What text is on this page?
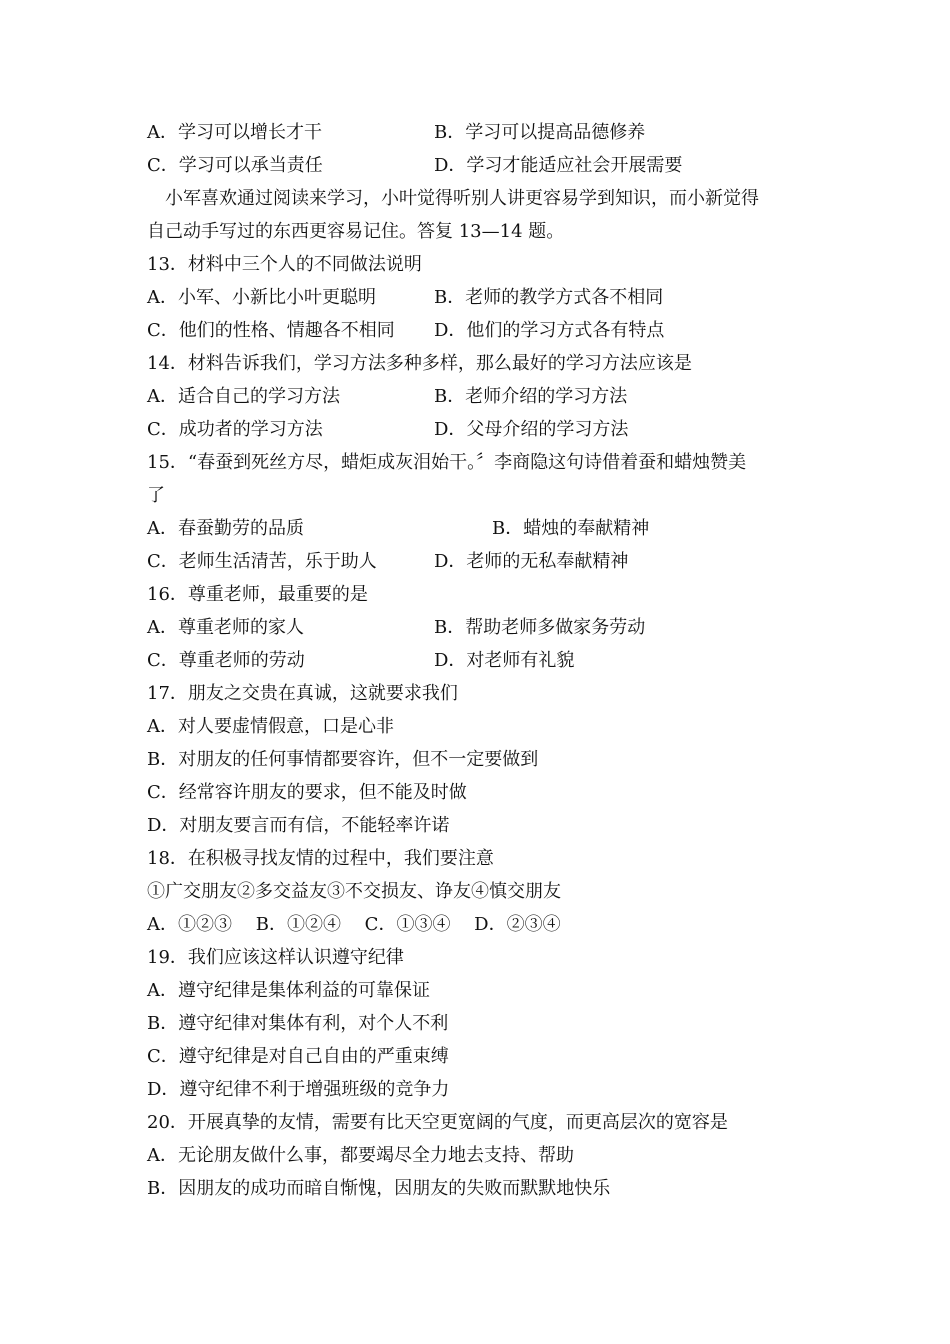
A．学习可以增长才干	B．学习可以提高品德修养
C．学习可以承当责任	D．学习才能适应社会开展需要
小军喜欢通过阅读来学习，小叶觉得听别人讲更容易学到知识，而小新觉得
自己动手写过的东西更容易记住。答复 13—14 题。
13．材料中三个人的不同做法说明
A．小军、小新比小叶更聪明	B．老师的教学方式各不相同
C．他们的性格、情趣各不相同 D．他们的学习方式各有特点
14．材料告诉我们，学习方法多种多样，那么最好的学习方法应该是
A．适合自己的学习方法	B．老师介绍的学习方法
C．成功者的学习方法	D．父母介绍的学习方法
15．“春蚕到死丝方尽，蜡炬成灰泪始干。〞李商隐这句诗借着蚕和蜡烛赞美
了
A．春蚕勤劳的品质	B．蜡烛的奉献精神
C．老师生活清苦，乐于助人	D．老师的无私奉献精神
16．尊重老师，最重要的是
A．尊重老师的家人	B．帮助老师多做家务劳动
C．尊重老师的劳动	D．对老师有礼貌
17．朋友之交贵在真诚，这就要求我们
A．对人要虚情假意，口是心非
B．对朋友的任何事情都要容许，但不一定要做到
C．经常容许朋友的要求，但不能及时做
D．对朋友要言而有信，不能轻率许诺
18．在积极寻找友情的过程中，我们要注意
①广交朋友②多交益友③不交损友、诤友④慎交朋友
A．①②③　 B．①②④　 C．①③④　 D．②③④
19．我们应该这样认识遵守纪律
A．遵守纪律是集体利益的可靠保证
B．遵守纪律对集体有利，对个人不利
C．遵守纪律是对自己自由的严重束缚
D．遵守纪律不利于增强班级的竞争力
20．开展真挚的友情，需要有比天空更宽阔的气度，而更高层次的宽容是
A．无论朋友做什么事，都要竭尽全力地去支持、帮助
B．因朋友的成功而暗自惭愧，因朋友的失败而默默地快乐
